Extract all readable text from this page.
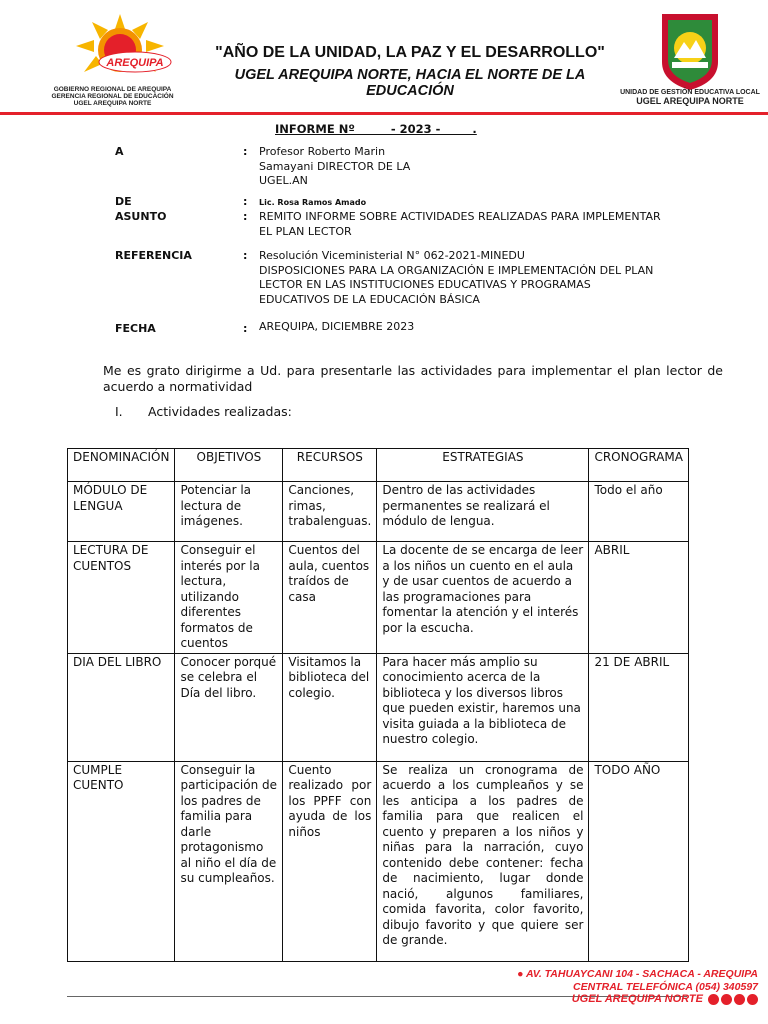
AREQUIPA
GOBIERNO REGIONAL DE AREQUIPA
GERENCIA REGIONAL DE EDUCACIÓN
UGEL AREQUIPA NORTE
"AÑO DE LA UNIDAD, LA PAZ Y EL DESARROLLO"
UGEL AREQUIPA NORTE, HACIA EL NORTE DE LA EDUCACIÓN	UNIDAD DE GESTIÓN EDUCATIVA LOCAL
UGEL AREQUIPA NORTE
INFORME Nº         - 2023 -        .
A	: Profesor Roberto Marin
Samayani DIRECTOR DE LA
UGEL.AN
DE	: Lic. Rosa Ramos Amado
ASUNTO	: REMITO INFORME SOBRE ACTIVIDADES REALIZADAS PARA IMPLEMENTAR
EL PLAN LECTOR
REFERENCIA	: Resolución Viceministerial N° 062-2021-MINEDU
DISPOSICIONES PARA LA ORGANIZACIÓN E IMPLEMENTACIÓN DEL PLAN
LECTOR EN LAS INSTITUCIONES EDUCATIVAS Y PROGRAMAS
EDUCATIVOS DE LA EDUCACIÓN BÁSICA
FECHA	: AREQUIPA, DICIEMBRE 2023
Me es grato dirigirme a Ud. para presentarle las actividades para implementar el plan lector de acuerdo a normatividad
I. Actividades realizadas:
DENOMINACIÓN	OBJETIVOS	RECURSOS	ESTRATEGIAS	CRONOGRAMA
MÓDULO DE LENGUA	Potenciar la lectura de imágenes.	Canciones, rimas, trabalenguas.	Dentro de las actividades permanentes se realizará el módulo de lengua.	Todo el año
LECTURA DE CUENTOS	Conseguir el interés por la lectura, utilizando diferentes formatos de cuentos	Cuentos del aula, cuentos traídos de casa	La docente de se encarga de leer a los niños un cuento en el aula y de usar cuentos de acuerdo a las programaciones para fomentar la atención y el interés por la escucha.	ABRIL
DIA DEL LIBRO	Conocer porqué se celebra el Día del libro.	Visitamos la biblioteca del colegio.	Para hacer más amplio su conocimiento acerca de la biblioteca y los diversos libros que pueden existir, haremos una visita guiada a la biblioteca de nuestro colegio.	21 DE ABRIL
CUMPLE CUENTO	Conseguir la participación de los padres de familia para darle protagonismo al niño el día de su cumpleaños.	Cuento realizado por los PPFF con ayuda de los niños	Se realiza un cronograma de acuerdo a los cumpleaños y se les anticipa a los padres de familia para que realicen el cuento y preparen a los niños y niñas para la narración, cuyo contenido debe contener: fecha de nacimiento, lugar donde nació, algunos familiares, comida favorita, color favorito, dibujo favorito y que quiere ser de grande.	TODO AÑO
● AV. TAHUAYCANI 104 - SACHACA - AREQUIPA
CENTRAL TELEFÓNICA (054) 340597
UGEL AREQUIPA NORTE
